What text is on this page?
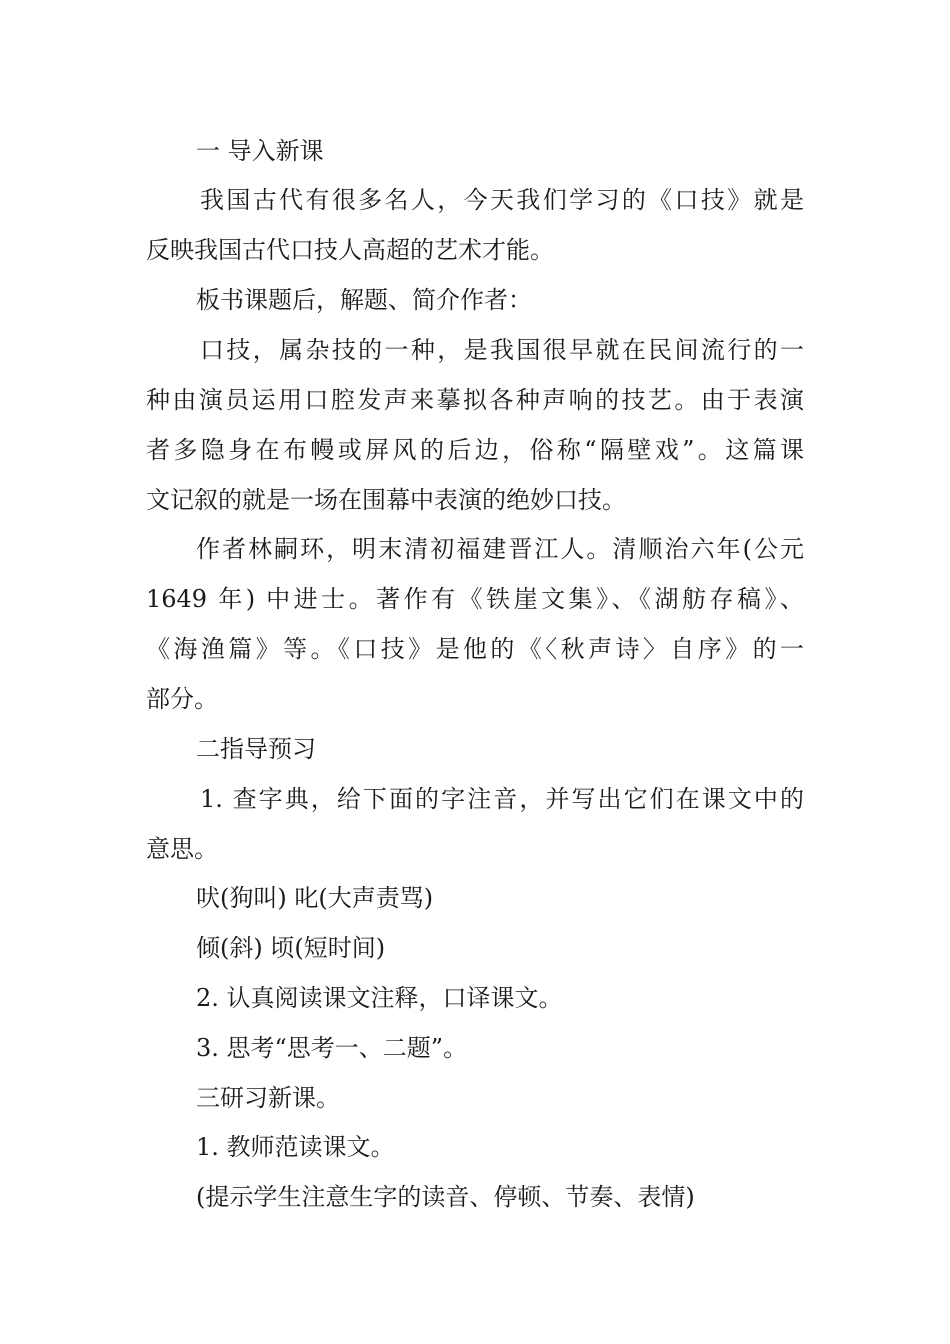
一 导入新课
我国古代有很多名人，今天我们学习的《口技》就是
反映我国古代口技人高超的艺术才能。
板书课题后，解题、简介作者：
口技，属杂技的一种，是我国很早就在民间流行的一
种由演员运用口腔发声来摹拟各种声响的技艺。由于表演
者多隐身在布幔或屏风的后边，俗称“隔壁戏”。这篇课
文记叙的就是一场在围幕中表演的绝妙口技。
作者林嗣环，明末清初福建晋江人。清顺治六年(公元
1649 年) 中进士。著作有《铁崖文集》、《湖舫存稿》、
《海渔篇》等。《口技》是他的《〈秋声诗〉自序》的一
部分。
二指导预习
1. 查字典，给下面的字注音，并写出它们在课文中的
意思。
吠(狗叫) 叱(大声责骂)
倾(斜) 顷(短时间)
2. 认真阅读课文注释，口译课文。
3. 思考“思考一、二题”。
三研习新课。
1. 教师范读课文。
(提示学生注意生字的读音、停顿、节奏、表情)
